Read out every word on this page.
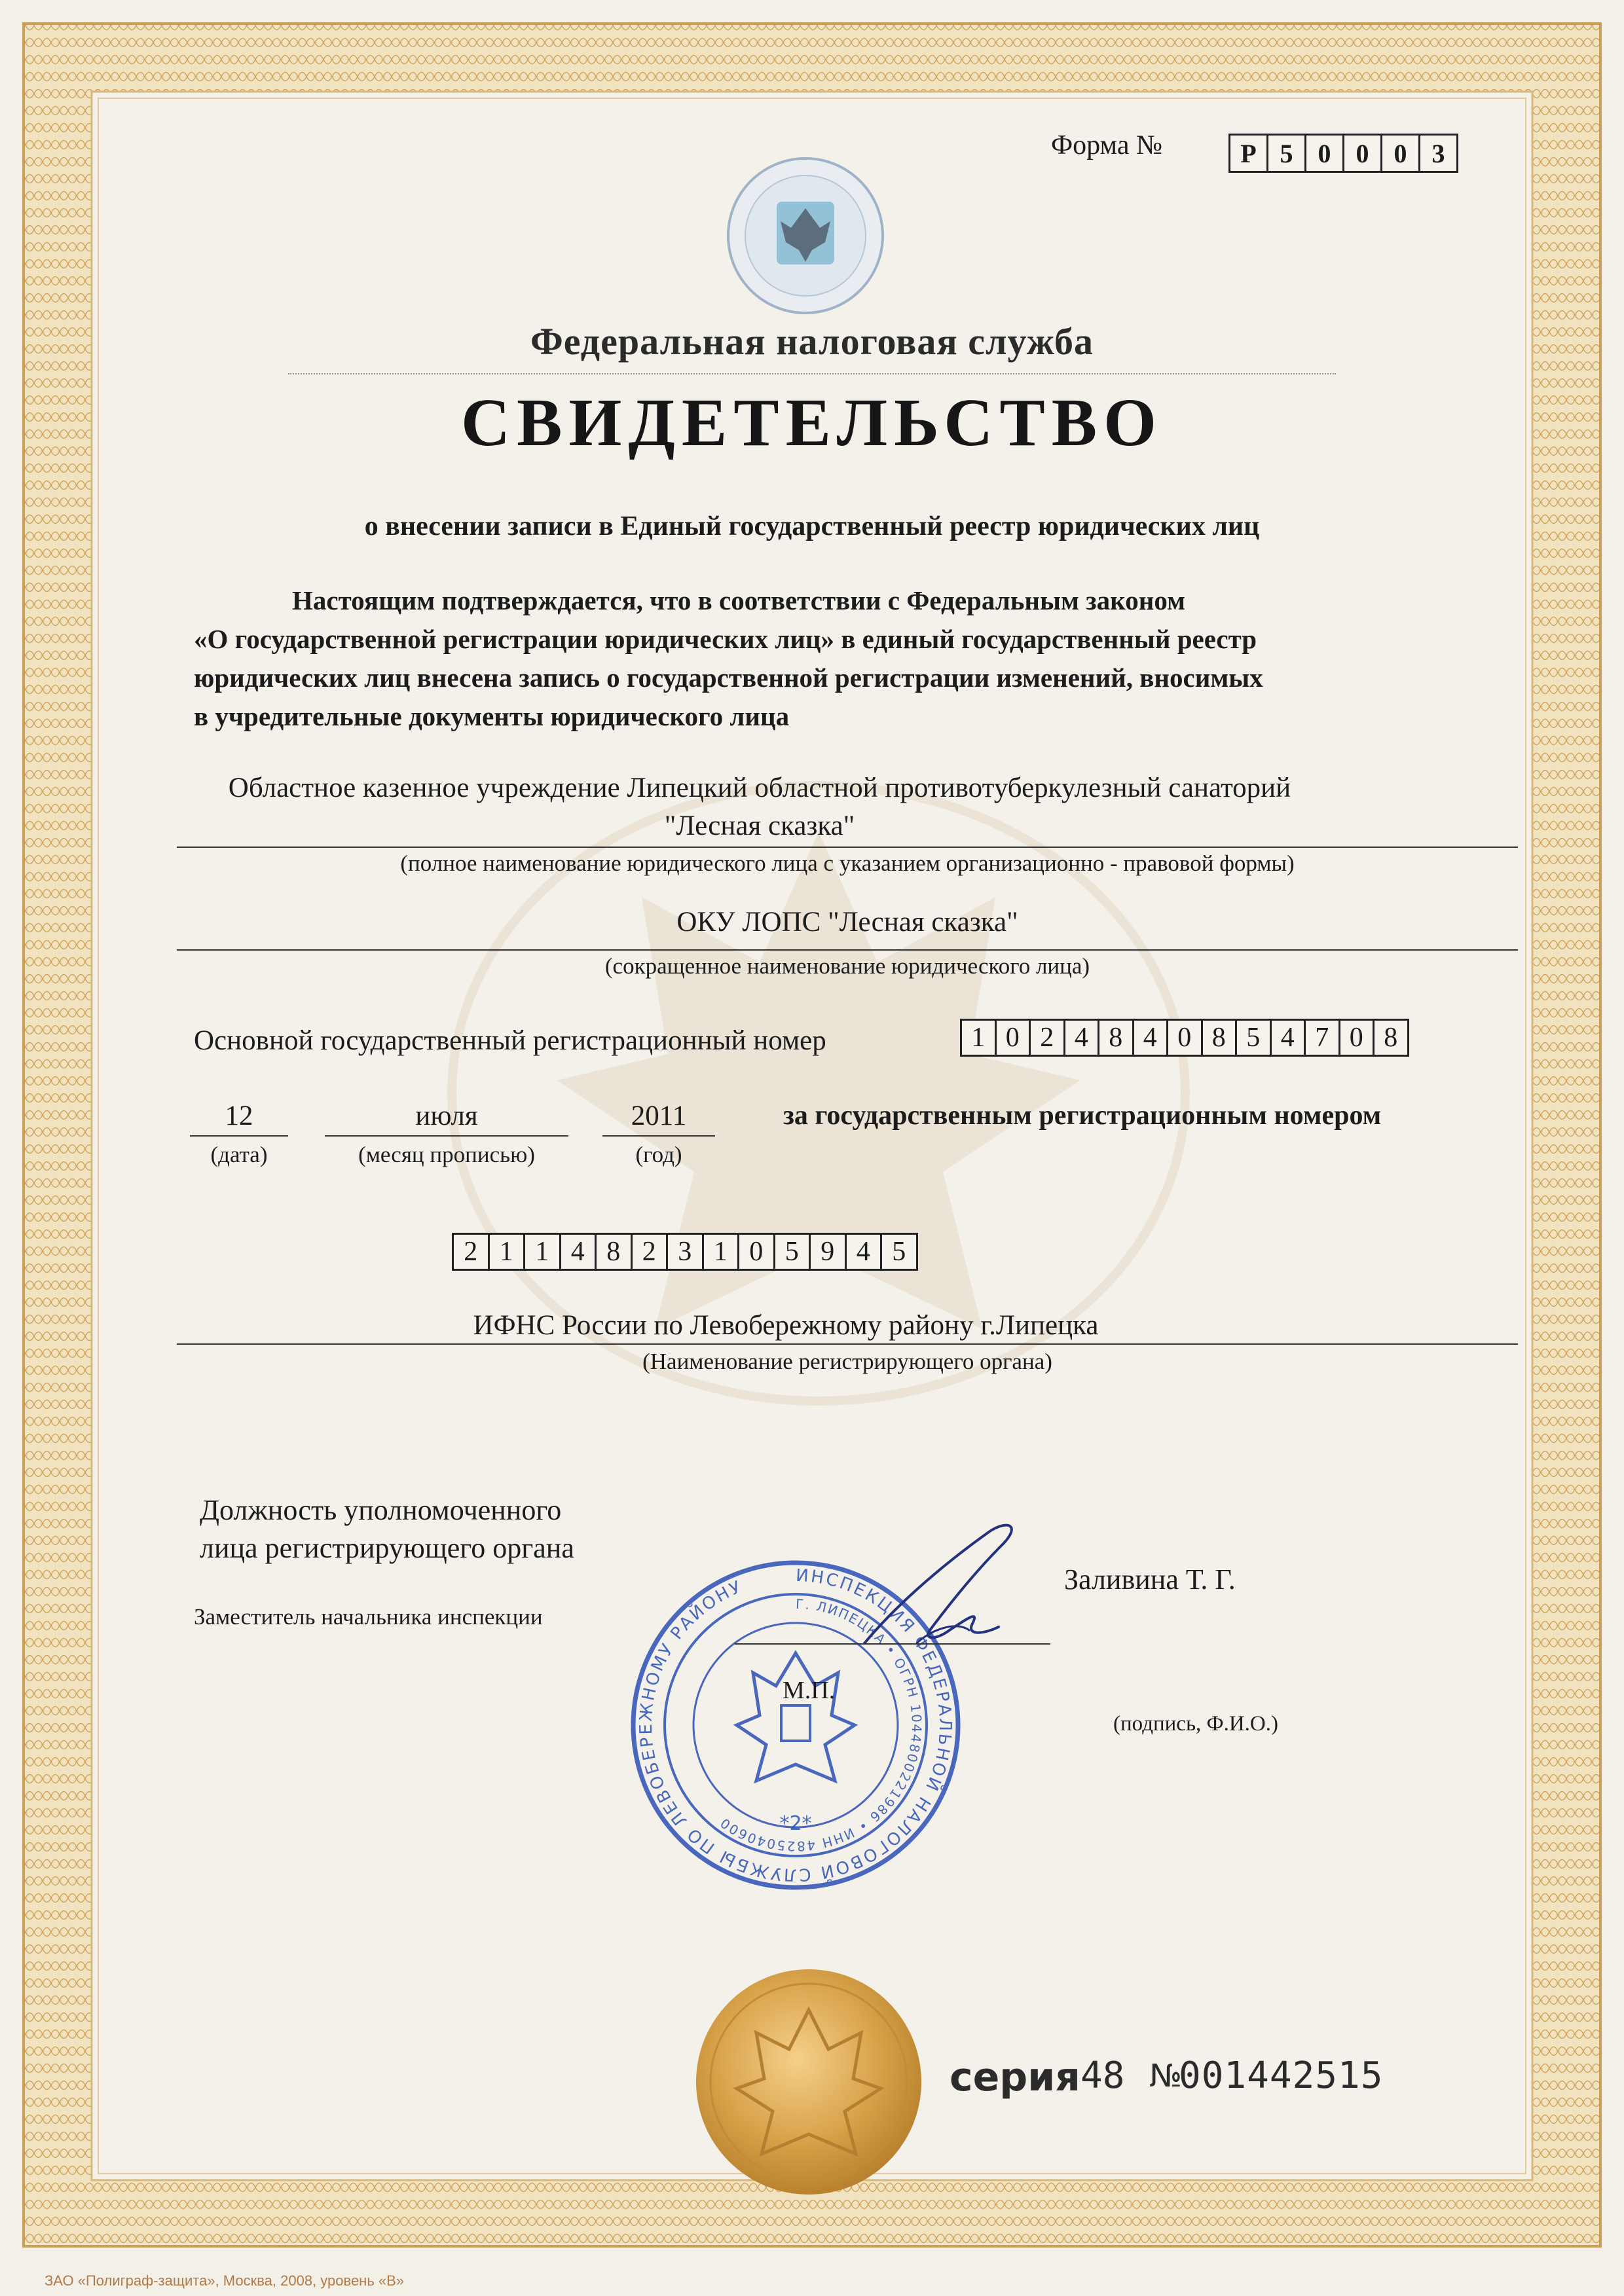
Форма №	Р 5 0 0 0 3
Федеральная налоговая служба
СВИДЕТЕЛЬСТВО
о внесении записи в Единый государственный реестр юридических лиц

Настоящим подтверждается, что в соответствии с Федеральным законом

«О государственной регистрации юридических лиц» в единый государственный реестр

юридических лиц внесена запись о государственной регистрации изменений, вносимых

в учредительные документы юридического лица

Областное казенное учреждение Липецкий областной противотуберкулезный санаторий
"Лесная сказка"
(полное наименование юридического лица с указанием организационно - правовой формы)
ОКУ ЛОПС "Лесная сказка"
(сокращенное наименование юридического лица)
Основной государственный регистрационный номер	1 0 2 4 8 4 0 8 5 4 7 0 8
12
(дата)
июля
(месяц прописью)
2011
(год)
за государственным регистрационным номером
2 1 1 4 8 2 3 1 0 5 9 4 5
ИФНС России по Левобережному району г.Липецка
(Наименование регистрирующего органа)
Должность уполномоченного
лица регистрирующего органа
Заместитель начальника инспекции
ИНСПЕКЦИЯ ФЕДЕРАЛЬНОЙ НАЛОГОВОЙ СЛУЖБЫ ПО ЛЕВОБЕРЕЖНОМУ РАЙОНУ
Г. ЛИПЕЦКА • ОГРН 1044800221986 • ИНН 4825040600	*2*
Заливина Т. Г.
М.П.
(подпись, Ф.И.О.)
серия 48 №
001442515
ЗАО «Полиграф-защита», Москва, 2008, уровень «В»
